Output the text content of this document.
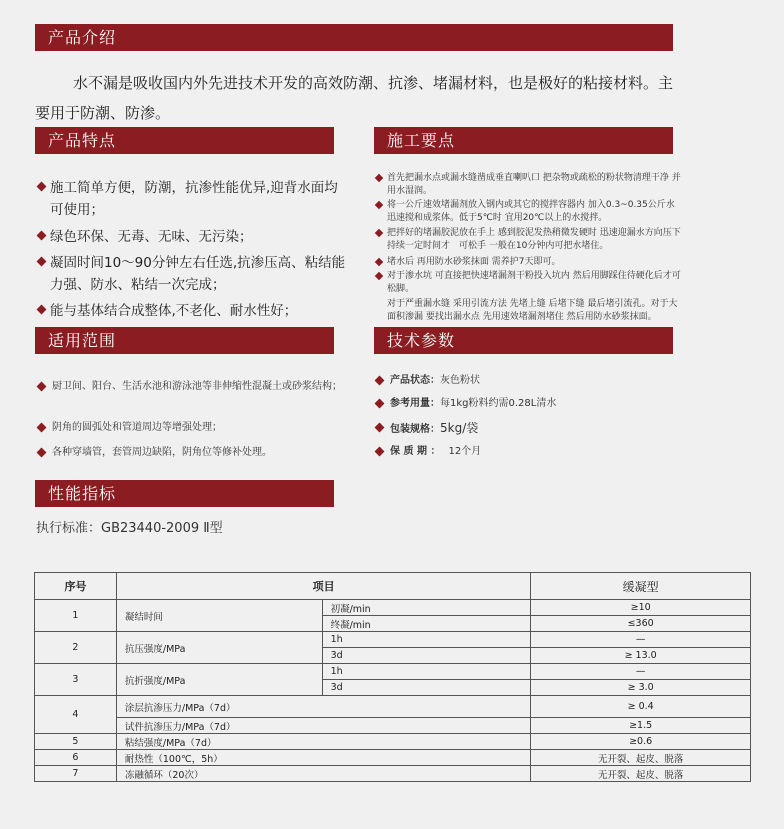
产品介绍
产品特点	施工要点
适用范围	技术参数
性能指标
水不漏是吸收国内外先进技术开发的高效防潮、抗渗、堵漏材料，也是极好的粘接材料。主要用于防潮、防渗。
施工简单方便，防潮，抗渗性能优异,迎背水面均可使用；
绿色环保、无毒、无味、无污染；
凝固时间10～90分钟左右任选,抗渗压高、粘结能力强、防水、粘结一次完成；
能与基体结合成整体,不老化、耐水性好；
首先把漏水点或漏水缝凿成垂直喇叭口 把杂物或疏松的粉状物清理干净 并用水湿润。
将一公斤速效堵漏剂放入钢内或其它的搅拌容器内 加入0.3~0.35公斤水 迅速搅和成浆体。低于5℃时 宜用20℃以上的水搅拌。
把拌好的堵漏胶泥放在手上 感到胶泥发热稍微发硬时 迅速迎漏水方向压下 持续一定时间才　可松手 一般在10分钟内可把水堵住。
堵水后 再用防水砂浆抹面 需养护7天即可。
对于渗水坑 可直接把快速堵漏剂干粉投入坑内 然后用脚踩住待硬化后才可松脚。
对于严重漏水缝 采用引流方法 先堵上缝 后堵下缝 最后堵引流孔。对于大面积渗漏 要找出漏水点 先用速效堵漏剂堵住 然后用防水砂浆抹面。
厨卫间、阳台、生活水池和游泳池等非伸缩性混凝土或砂浆结构；
阴角的圆弧处和管道周边等增强处理；
各种穿墙管，套管周边缺陷，阴角位等修补处理。
产品状态：灰色粉状
参考用量：每1kg粉料约需0.28L清水
包装规格：5kg/袋
保 质 期 ： 12个月
执行标准：GB23440-2009 Ⅱ型
序号	项目		缓凝型
1	凝结时间	初凝/min	≥10
		终凝/min	≤360
2	抗压强度/MPa	1h	—
		3d	≥ 13.0
3	抗折强度/MPa	1h	—
		3d	≥ 3.0
4	涂层抗渗压力/MPa（7d）		≥ 0.4
	试件抗渗压力/MPa（7d）		≥1.5
5	粘结强度/MPa（7d）		≥0.6
6	耐热性（100℃，5h）		无开裂、起皮、脱落
7	冻融循环（20次）		无开裂、起皮、脱落
